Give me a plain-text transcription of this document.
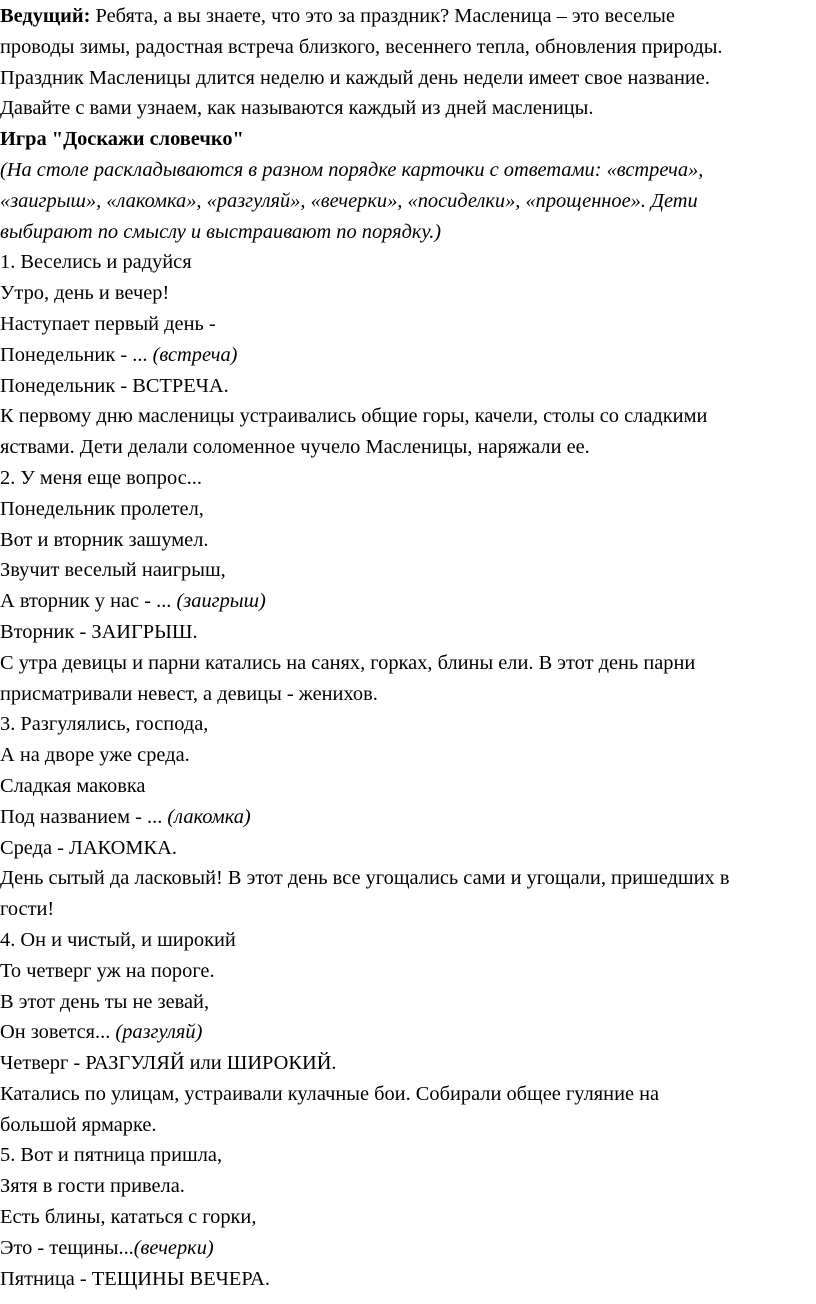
Ведущий: Ребята, а вы знаете, что это за праздник? Масленица – это веселые
проводы зимы, радостная встреча близкого, весеннего тепла, обновления природы.
Праздник Масленицы длится неделю и каждый день недели имеет свое название.
Давайте с вами узнаем, как называются каждый из дней масленицы.
Игра "Доскажи словечко"
(На столе раскладываются в разном порядке карточки с ответами: «встреча»,
«заигрыш», «лакомка», «разгуляй», «вечерки», «посиделки», «прощенное». Дети
выбирают по смыслу и выстраивают по порядку.)
1. Веселись и радуйся
Утро, день и вечер!
Наступает первый день -
Понедельник - ... (встреча)
Понедельник - ВСТРЕЧА.
К первому дню масленицы устраивались общие горы, качели, столы со сладкими
яствами. Дети делали соломенное чучело Масленицы, наряжали ее.
2. У меня еще вопрос...
Понедельник пролетел,
Вот и вторник зашумел.
Звучит веселый наигрыш,
А вторник у нас - ... (заигрыш)
Вторник - ЗАИГРЫШ.
С утра девицы и парни катались на санях, горках, блины ели. В этот день парни
присматривали невест, а девицы - женихов.
3. Разгулялись, господа,
А на дворе уже среда.
Сладкая маковка
Под названием - ... (лакомка)
Среда - ЛАКОМКА.
День сытый да ласковый! В этот день все угощались сами и угощали, пришедших в
гости!
4. Он и чистый, и широкий
То четверг уж на пороге.
В этот день ты не зевай,
Он зовется... (разгуляй)
Четверг - РАЗГУЛЯЙ или ШИРОКИЙ.
Катались по улицам, устраивали кулачные бои. Собирали общее гуляние на
большой ярмарке.
5. Вот и пятница пришла,
Зятя в гости привела.
Есть блины, кататься с горки,
Это - тещины...(вечерки)
Пятница - ТЕЩИНЫ ВЕЧЕРА.
